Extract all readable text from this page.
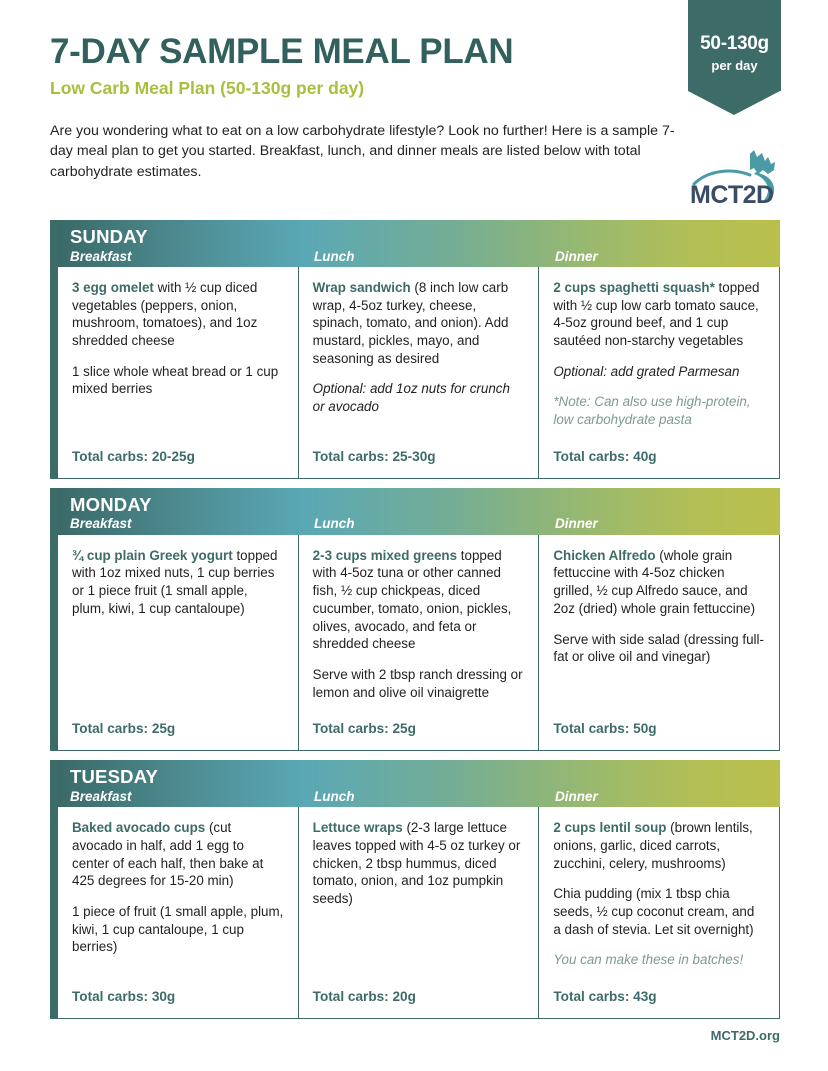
7-DAY SAMPLE MEAL PLAN
Low Carb Meal Plan (50-130g per day)

Are you wondering what to eat on a low carbohydrate lifestyle? Look no further! Here is a sample 7-day meal plan to get you started. Breakfast, lunch, and dinner meals are listed below with total carbohydrate estimates.

50-130g
per day
MCT2D
SUNDAY
Breakfast	Lunch	Dinner

3 egg omelet with ½ cup diced vegetables (peppers, onion, mushroom, tomatoes), and 1oz shredded cheese

1 slice whole wheat bread or 1 cup mixed berries

Total carbs: 20-25g

Wrap sandwich (8 inch low carb wrap, 4-5oz turkey, cheese, spinach, tomato, and onion). Add mustard, pickles, mayo, and seasoning as desired

Optional: add 1oz nuts for crunch or avocado

Total carbs: 25-30g

2 cups spaghetti squash* topped with ½ cup low carb tomato sauce, 4-5oz ground beef, and 1 cup sautéed non-starchy vegetables

Optional: add grated Parmesan

*Note: Can also use high-protein, low carbohydrate pasta

Total carbs: 40g

MONDAY
Breakfast	Lunch	Dinner

¾ cup plain Greek yogurt topped with 1oz mixed nuts, 1 cup berries or 1 piece fruit (1 small apple, plum, kiwi, 1 cup cantaloupe)

Total carbs: 25g

2-3 cups mixed greens topped with 4-5oz tuna or other canned fish, ½ cup chickpeas, diced cucumber, tomato, onion, pickles, olives, avocado, and feta or shredded cheese

Serve with 2 tbsp ranch dressing or lemon and olive oil vinaigrette

Total carbs: 25g

Chicken Alfredo (whole grain fettuccine with 4-5oz chicken grilled, ½ cup Alfredo sauce, and 2oz (dried) whole grain fettuccine)

Serve with side salad (dressing full-fat or olive oil and vinegar)

Total carbs: 50g

TUESDAY
Breakfast	Lunch	Dinner

Baked avocado cups (cut avocado in half, add 1 egg to center of each half, then bake at 425 degrees for 15-20 min)

1 piece of fruit (1 small apple, plum, kiwi, 1 cup cantaloupe, 1 cup berries)

Total carbs: 30g

Lettuce wraps (2-3 large lettuce leaves topped with 4-5 oz turkey or chicken, 2 tbsp hummus, diced tomato, onion, and 1oz pumpkin seeds)

Total carbs: 20g

2 cups lentil soup (brown lentils, onions, garlic, diced carrots, zucchini, celery, mushrooms)

Chia pudding (mix 1 tbsp chia seeds, ½ cup coconut cream, and a dash of stevia. Let sit overnight)

You can make these in batches!

Total carbs: 43g

MCT2D.org
